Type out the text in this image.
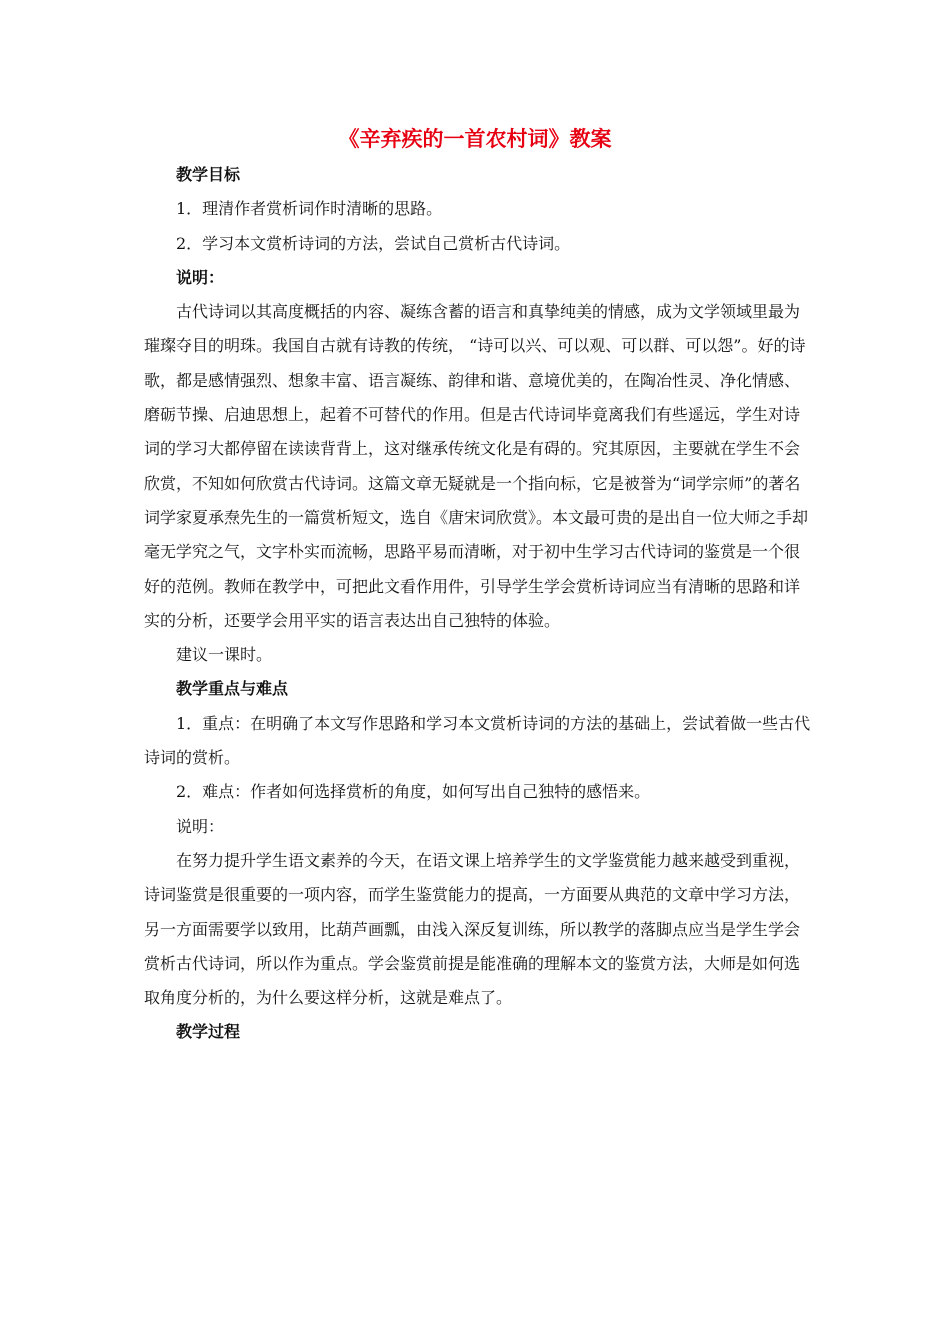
《辛弃疾的一首农村词》教案

教学目标

1．理清作者赏析词作时清晰的思路。

2．学习本文赏析诗词的方法，尝试自己赏析古代诗词。

说明：

古代诗词以其高度概括的内容、凝练含蓄的语言和真挚纯美的情感，成为文学领域里最为璀璨夺目的明珠。我国自古就有诗教的传统， “诗可以兴、可以观、可以群、可以怨”。好的诗歌，都是感情强烈、想象丰富、语言凝练、韵律和谐、意境优美的，在陶冶性灵、净化情感、磨砺节操、启迪思想上，起着不可替代的作用。但是古代诗词毕竟离我们有些遥远，学生对诗词的学习大都停留在读读背背上，这对继承传统文化是有碍的。究其原因，主要就在学生不会欣赏，不知如何欣赏古代诗词。这篇文章无疑就是一个指向标，它是被誉为“词学宗师”的著名词学家夏承焘先生的一篇赏析短文，选自《唐宋词欣赏》。本文最可贵的是出自一位大师之手却毫无学究之气，文字朴实而流畅，思路平易而清晰，对于初中生学习古代诗词的鉴赏是一个很好的范例。教师在教学中，可把此文看作用件，引导学生学会赏析诗词应当有清晰的思路和详实的分析，还要学会用平实的语言表达出自己独特的体验。

建议一课时。

教学重点与难点

1．重点：在明确了本文写作思路和学习本文赏析诗词的方法的基础上，尝试着做一些古代诗词的赏析。

2．难点：作者如何选择赏析的角度，如何写出自己独特的感悟来。

说明：

在努力提升学生语文素养的今天，在语文课上培养学生的文学鉴赏能力越来越受到重视，诗词鉴赏是很重要的一项内容，而学生鉴赏能力的提高，一方面要从典范的文章中学习方法，另一方面需要学以致用，比葫芦画瓢，由浅入深反复训练，所以教学的落脚点应当是学生学会赏析古代诗词，所以作为重点。学会鉴赏前提是能准确的理解本文的鉴赏方法，大师是如何选取角度分析的，为什么要这样分析，这就是难点了。

教学过程
